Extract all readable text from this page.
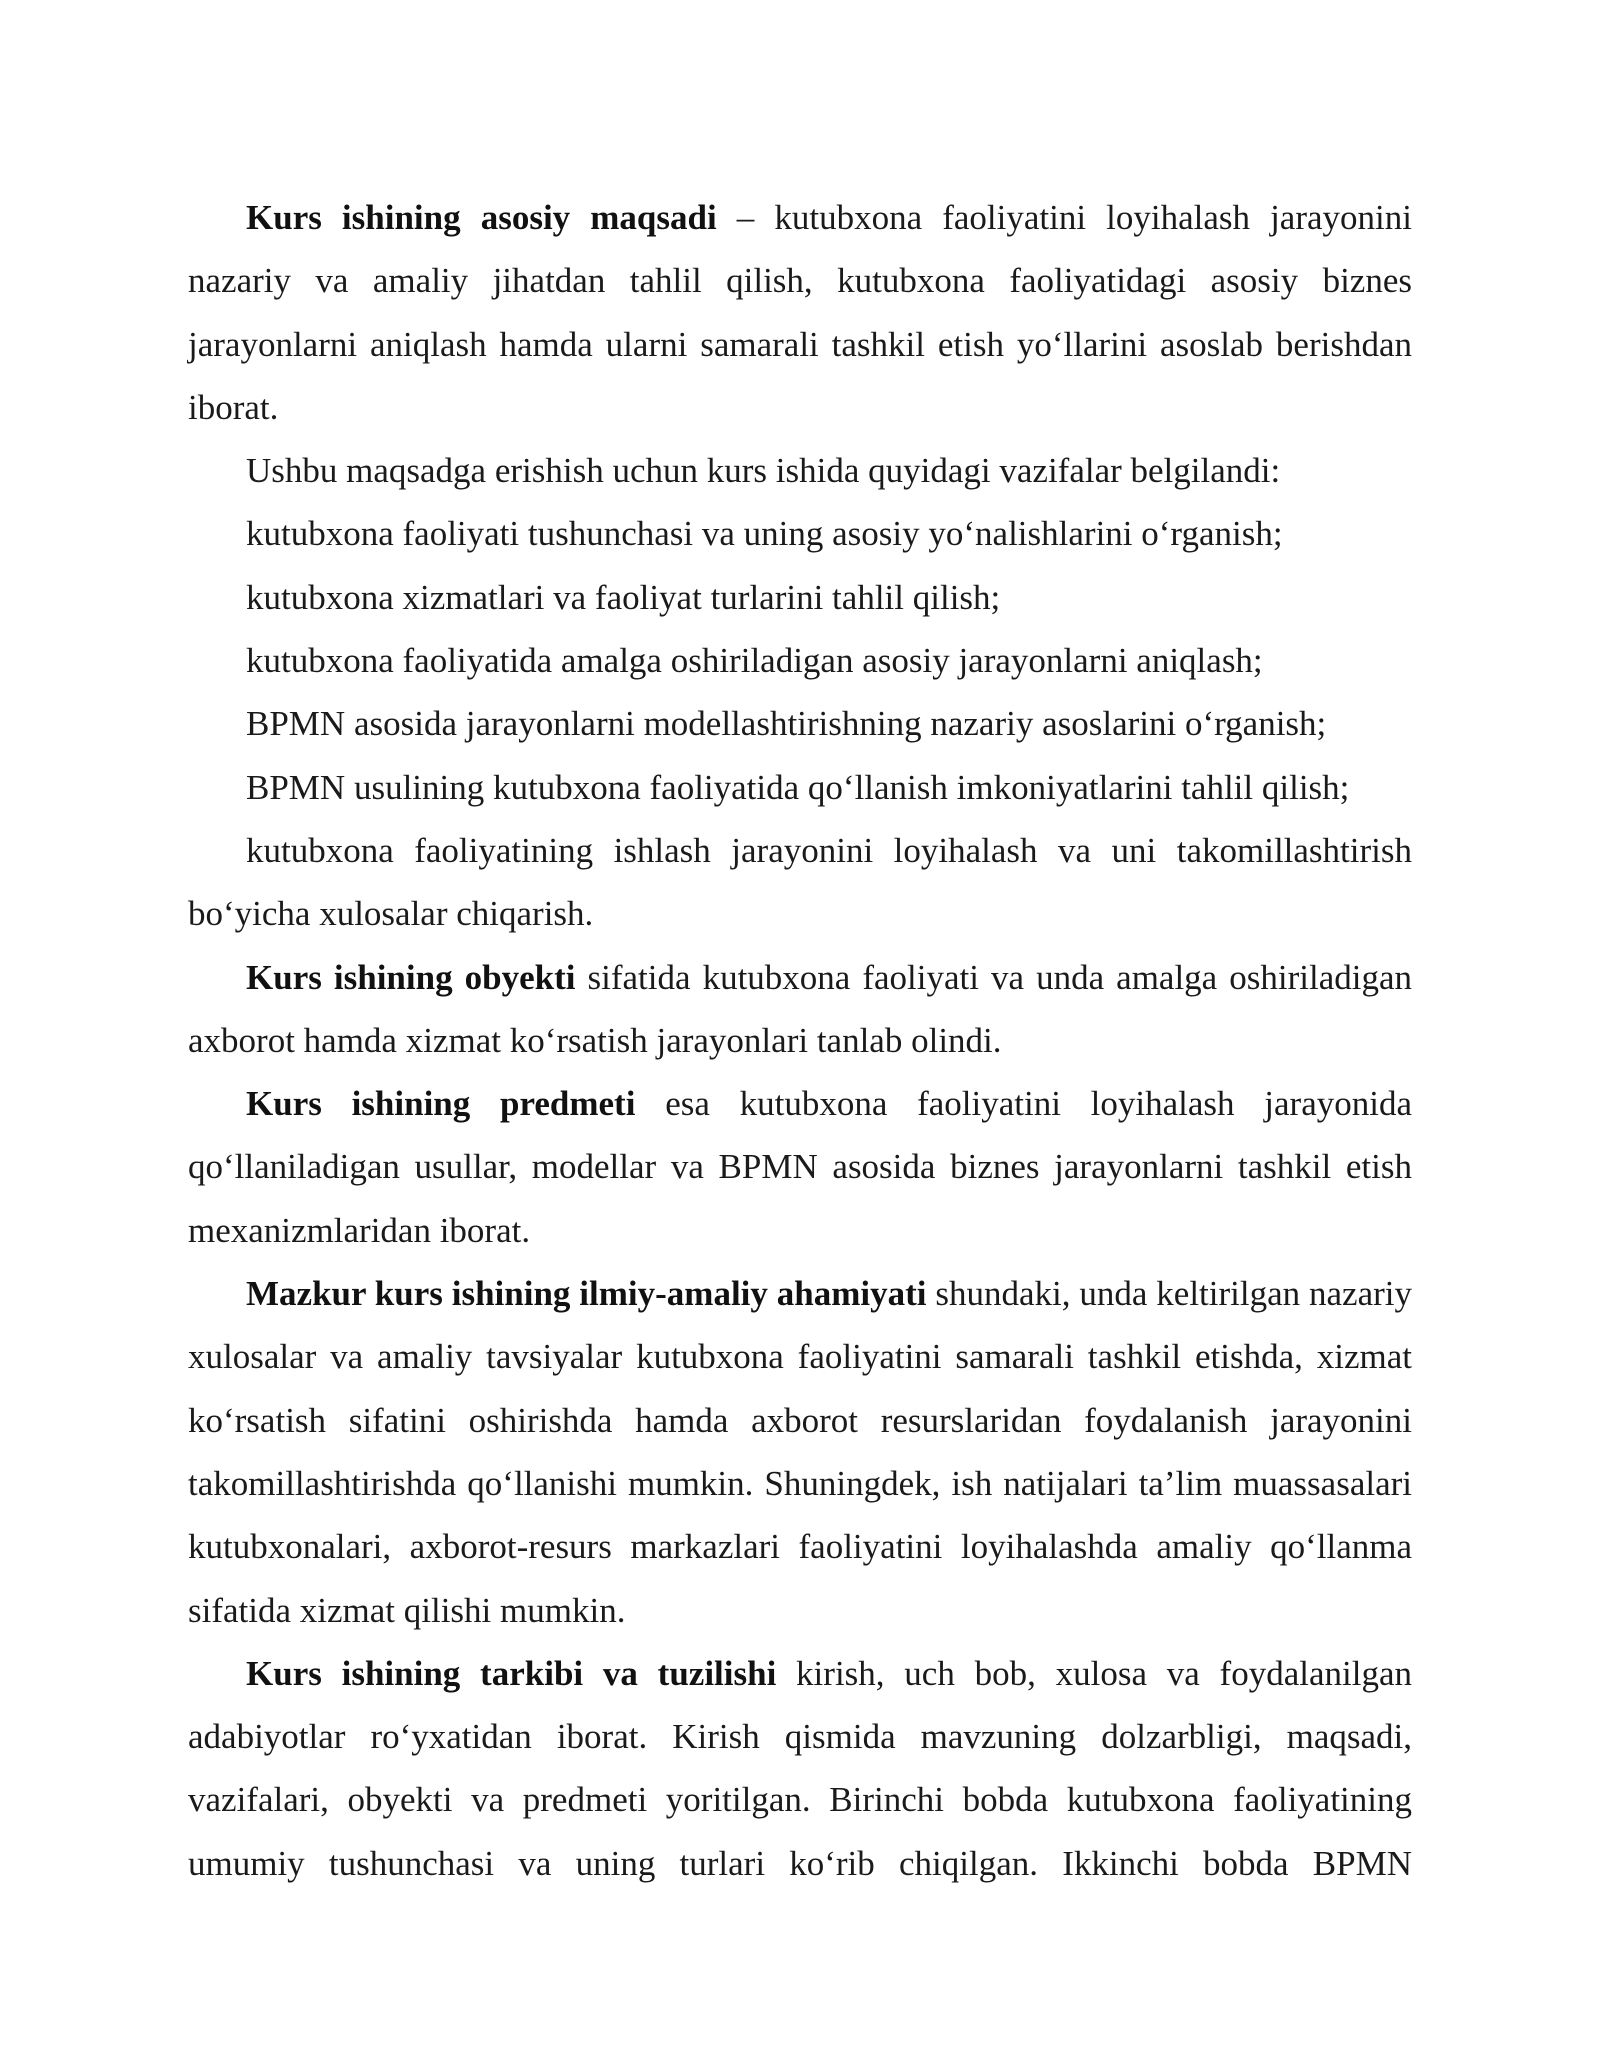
Kurs ishining asosiy maqsadi – kutubxona faoliyatini loyihalash jarayonini nazariy va amaliy jihatdan tahlil qilish, kutubxona faoliyatidagi asosiy biznes jarayonlarni aniqlash hamda ularni samarali tashkil etish yo‘llarini asoslab berishdan iborat.

Ushbu maqsadga erishish uchun kurs ishida quyidagi vazifalar belgilandi:

kutubxona faoliyati tushunchasi va uning asosiy yo‘nalishlarini o‘rganish;

kutubxona xizmatlari va faoliyat turlarini tahlil qilish;

kutubxona faoliyatida amalga oshiriladigan asosiy jarayonlarni aniqlash;

BPMN asosida jarayonlarni modellashtirishning nazariy asoslarini o‘rganish;

BPMN usulining kutubxona faoliyatida qo‘llanish imkoniyatlarini tahlil qilish;

kutubxona faoliyatining ishlash jarayonini loyihalash va uni takomillashtirish bo‘yicha xulosalar chiqarish.

Kurs ishining obyekti sifatida kutubxona faoliyati va unda amalga oshiriladigan axborot hamda xizmat ko‘rsatish jarayonlari tanlab olindi.

Kurs ishining predmeti esa kutubxona faoliyatini loyihalash jarayonida qo‘llaniladigan usullar, modellar va BPMN asosida biznes jarayonlarni tashkil etish mexanizmlaridan iborat.

Mazkur kurs ishining ilmiy-amaliy ahamiyati shundaki, unda keltirilgan nazariy xulosalar va amaliy tavsiyalar kutubxona faoliyatini samarali tashkil etishda, xizmat ko‘rsatish sifatini oshirishda hamda axborot resurslaridan foydalanish jarayonini takomillashtirishda qo‘llanishi mumkin. Shuningdek, ish natijalari ta’lim muassasalari kutubxonalari, axborot-resurs markazlari faoliyatini loyihalashda amaliy qo‘llanma sifatida xizmat qilishi mumkin.

Kurs ishining tarkibi va tuzilishi kirish, uch bob, xulosa va foydalanilgan adabiyotlar ro‘yxatidan iborat. Kirish qismida mavzuning dolzarbligi, maqsadi, vazifalari, obyekti va predmeti yoritilgan. Birinchi bobda kutubxona faoliyatining umumiy tushunchasi va uning turlari ko‘rib chiqilgan. Ikkinchi bobda BPMN
